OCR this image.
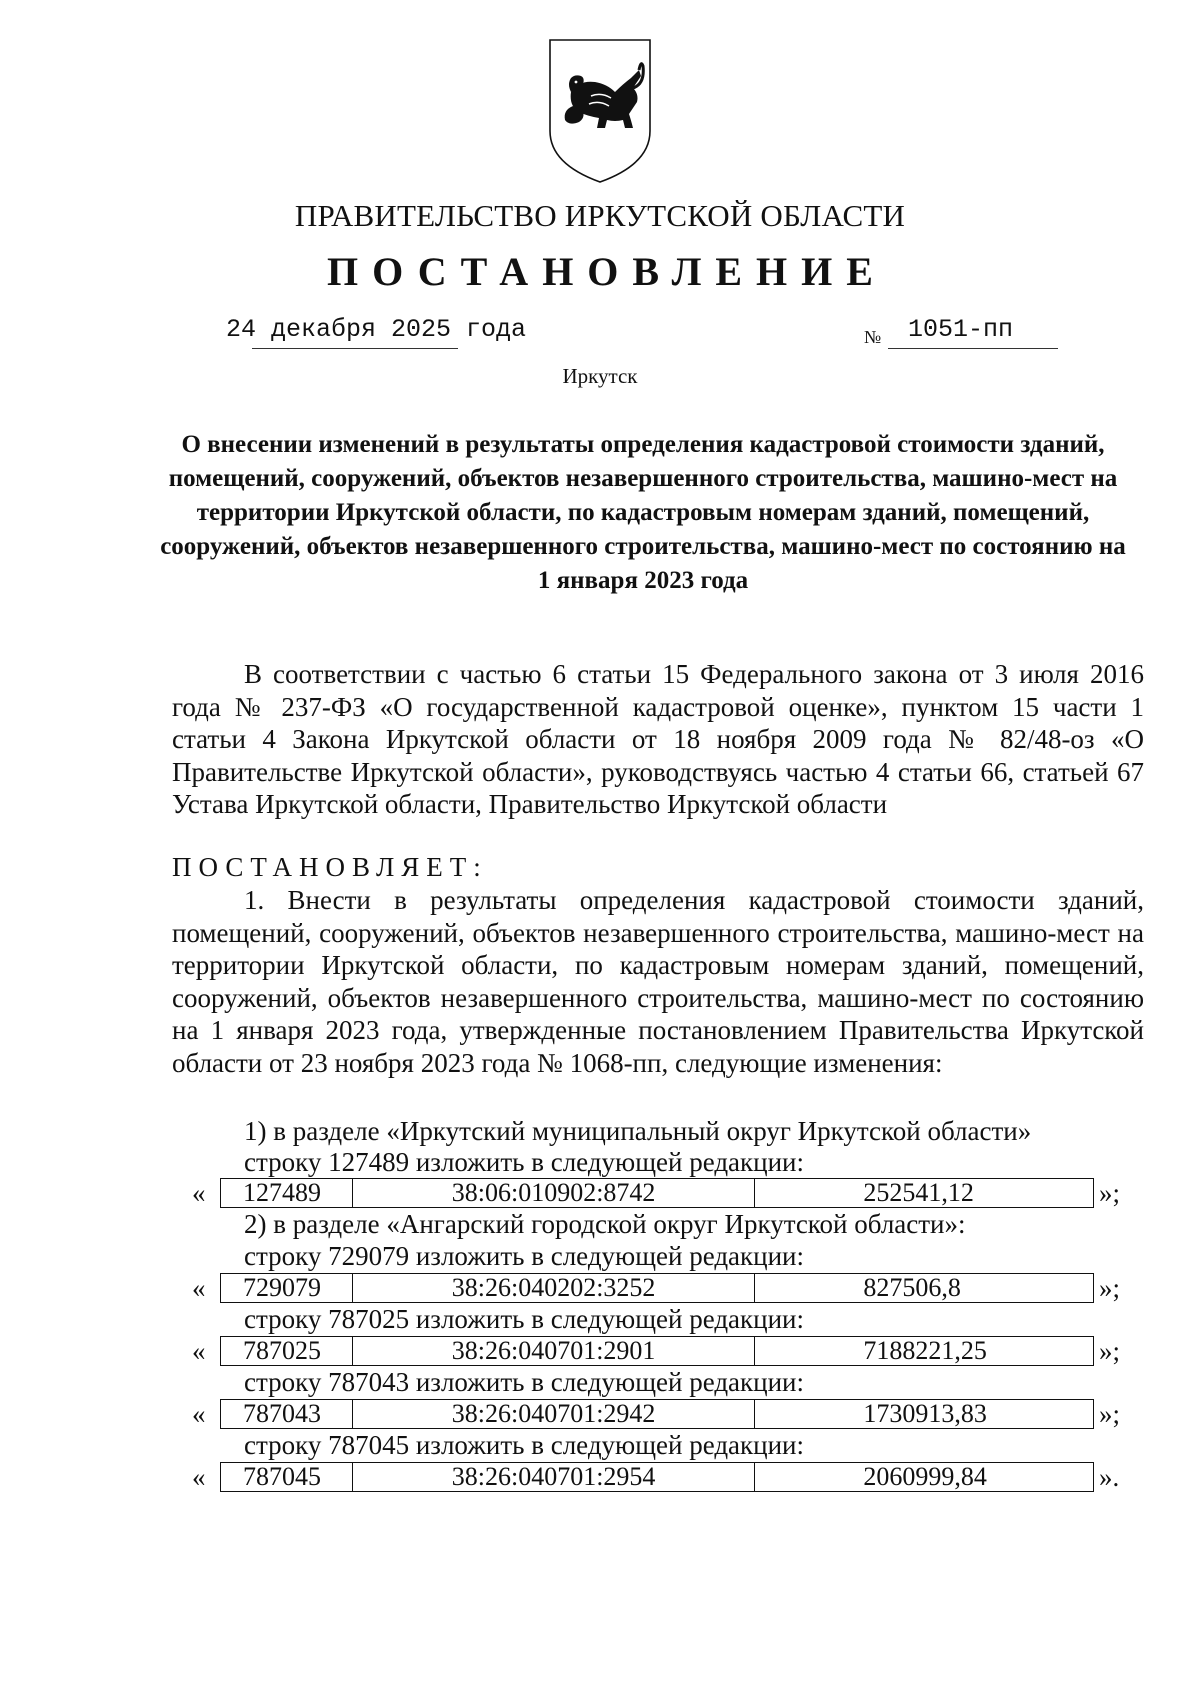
ПРАВИТЕЛЬСТВО ИРКУТСКОЙ ОБЛАСТИ
ПОСТАНОВЛЕНИЕ
24 декабря 2025 года	№ 1051-пп
Иркутск
О внесении изменений в результаты определения кадастровой стоимости зданий, помещений, сооружений, объектов незавершенного строительства, машино-мест на территории Иркутской области, по кадастровым номерам зданий, помещений, сооружений, объектов незавершенного строительства, машино-мест по состоянию на 1 января 2023 года
В соответствии с частью 6 статьи 15 Федерального закона от 3 июля 2016 года № 237-ФЗ «О государственной кадастровой оценке», пунктом 15 части 1 статьи 4 Закона Иркутской области от 18 ноября 2009 года № 82/48-оз «О Правительстве Иркутской области», руководствуясь частью 4 статьи 66, статьей 67 Устава Иркутской области, Правительство Иркутской области
ПОСТАНОВЛЯЕТ:
1. Внести в результаты определения кадастровой стоимости зданий, помещений, сооружений, объектов незавершенного строительства, машино-мест на территории Иркутской области, по кадастровым номерам зданий, помещений, сооружений, объектов незавершенного строительства, машино-мест по состоянию на 1 января 2023 года, утвержденные постановлением Правительства Иркутской области от 23 ноября 2023 года № 1068-пп, следующие изменения:
1) в разделе «Иркутский муниципальный округ Иркутской области»
строку 127489 изложить в следующей редакции:
«	127489	38:06:010902:8742	252541,12	»;
2) в разделе «Ангарский городской округ Иркутской области»:
строку 729079 изложить в следующей редакции:
«	729079	38:26:040202:3252	827506,8	»;
строку 787025 изложить в следующей редакции:
«	787025	38:26:040701:2901	7188221,25	»;
строку 787043 изложить в следующей редакции:
«	787043	38:26:040701:2942	1730913,83	»;
строку 787045 изложить в следующей редакции:
«	787045	38:26:040701:2954	2060999,84	».
